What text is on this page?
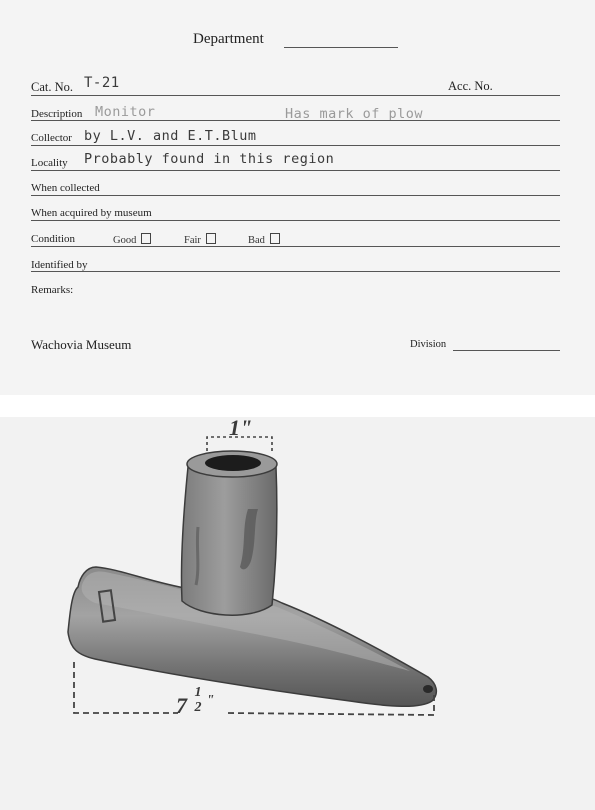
Department
Cat. No. T-21	Acc. No.
Description Monitor	Has mark of plow
Collector by L.V. and E.T.Blum
Locality Probably found in this region
When collected
When acquired by museum
Condition	Good	Fair	Bad
Identified by
Remarks:
Wachovia Museum	Division
1"
7
1
2 "
